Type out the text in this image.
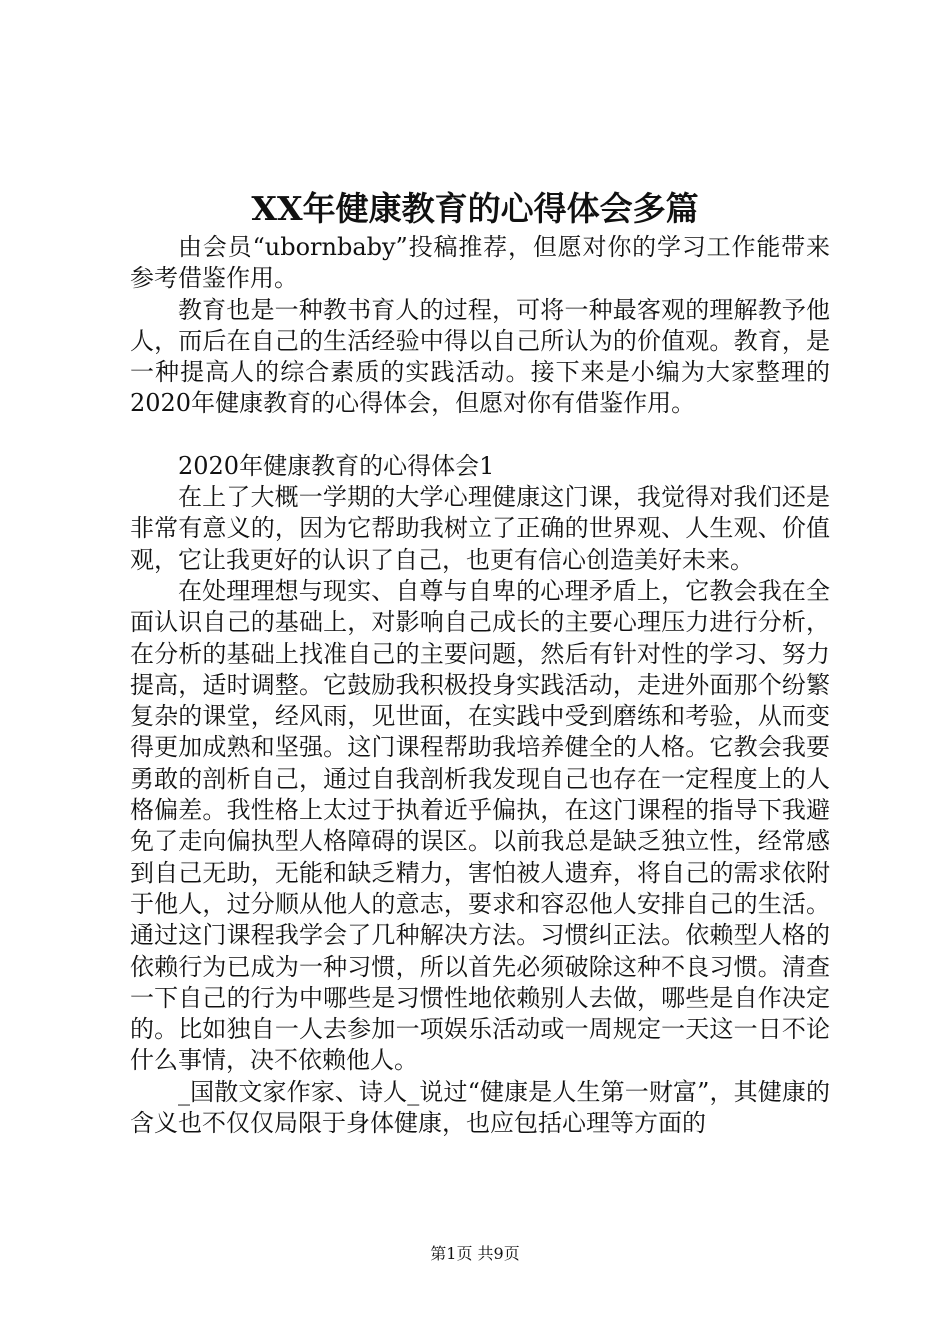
XX年健康教育的心得体会多篇

由会员“ubornbaby”投稿推荐，但愿对你的学习工作能带来参考借鉴作用。

教育也是一种教书育人的过程，可将一种最客观的理解教予他人，而后在自己的生活经验中得以自己所认为的价值观。教育，是一种提高人的综合素质的实践活动。接下来是小编为大家整理的2020年健康教育的心得体会，但愿对你有借鉴作用。

2020年健康教育的心得体会1

在上了大概一学期的大学心理健康这门课，我觉得对我们还是非常有意义的，因为它帮助我树立了正确的世界观、人生观、价值观，它让我更好的认识了自己，也更有信心创造美好未来。

在处理理想与现实、自尊与自卑的心理矛盾上，它教会我在全面认识自己的基础上，对影响自己成长的主要心理压力进行分析，在分析的基础上找准自己的主要问题，然后有针对性的学习、努力提高，适时调整。它鼓励我积极投身实践活动，走进外面那个纷繁复杂的课堂，经风雨，见世面，在实践中受到磨练和考验，从而变得更加成熟和坚强。这门课程帮助我培养健全的人格。它教会我要勇敢的剖析自己，通过自我剖析我发现自己也存在一定程度上的人格偏差。我性格上太过于执着近乎偏执，在这门课程的指导下我避免了走向偏执型人格障碍的误区。以前我总是缺乏独立性，经常感到自己无助，无能和缺乏精力，害怕被人遗弃，将自己的需求依附于他人，过分顺从他人的意志，要求和容忍他人安排自己的生活。通过这门课程我学会了几种解决方法。习惯纠正法。依赖型人格的依赖行为已成为一种习惯，所以首先必须破除这种不良习惯。清查一下自己的行为中哪些是习惯性地依赖别人去做，哪些是自作决定的。比如独自一人去参加一项娱乐活动或一周规定一天这一日不论什么事情，决不依赖他人。

_国散文家作家、诗人_说过“健康是人生第一财富”，其健康的含义也不仅仅局限于身体健康，也应包括心理等方面的

第1页 共9页
